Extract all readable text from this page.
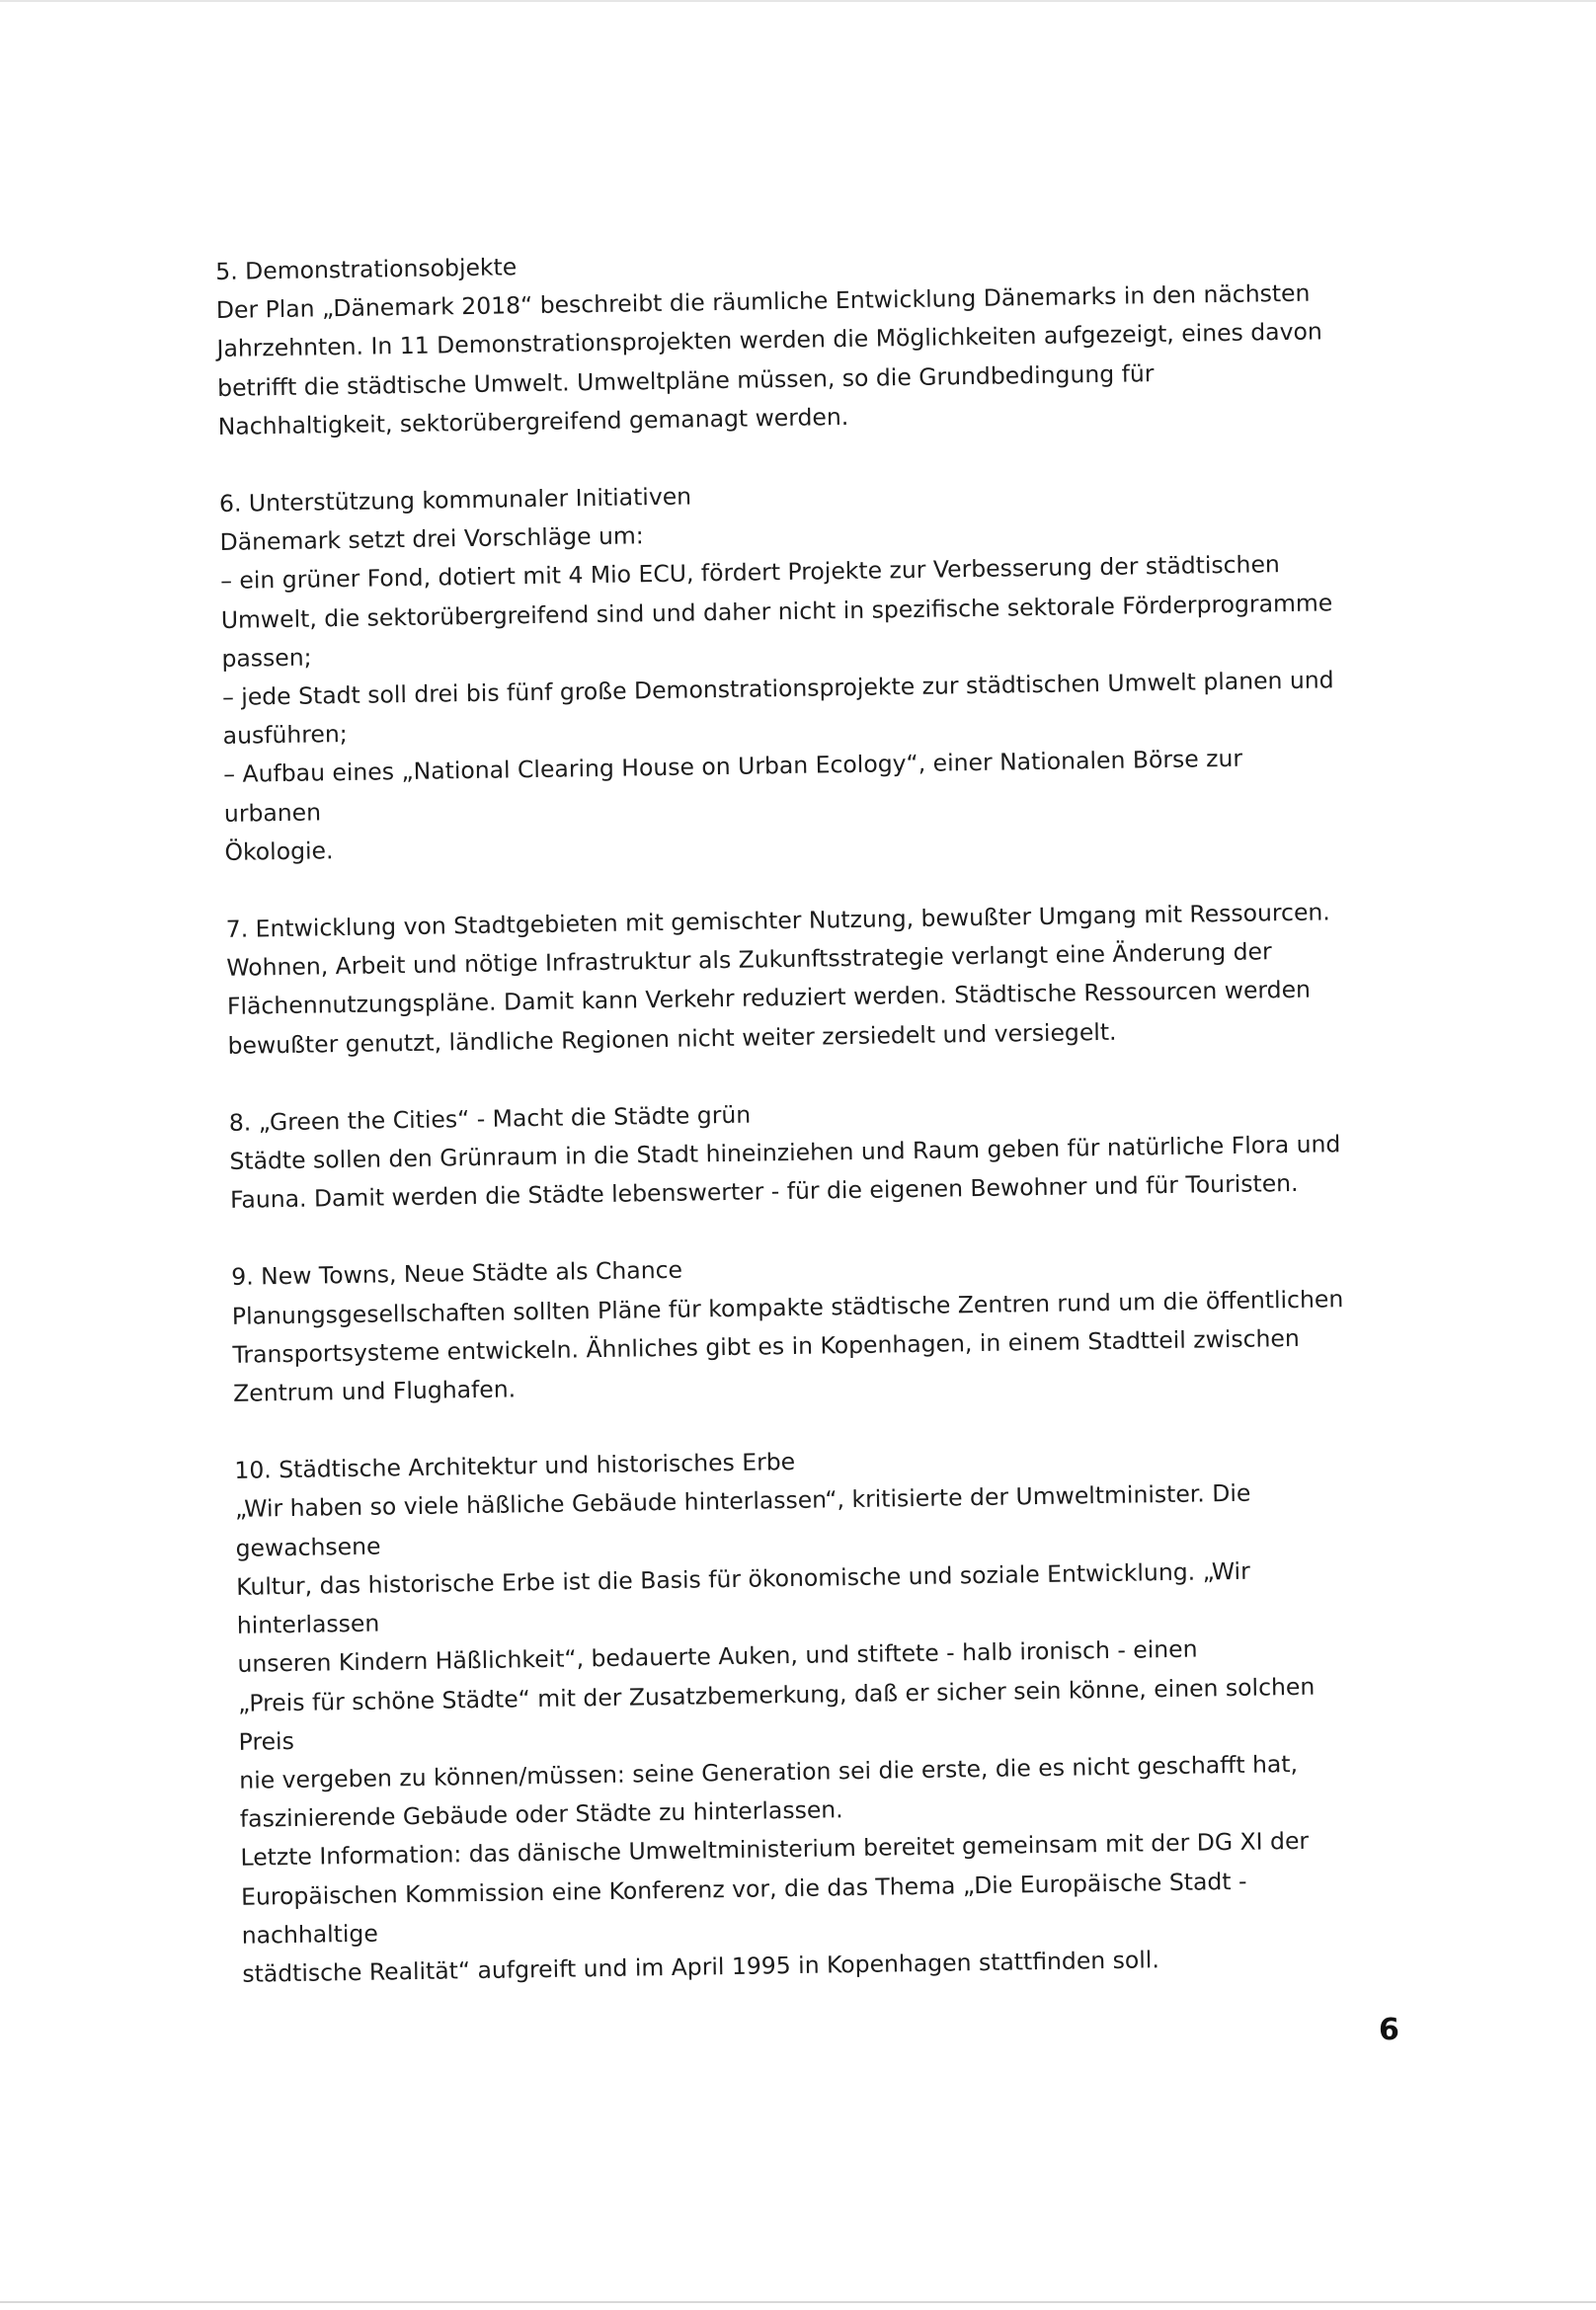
5. Demonstrationsobjekte

Der Plan „Dänemark 2018“ beschreibt die räumliche Entwicklung Dänemarks in den nächsten

Jahrzehnten. In 11 Demonstrationsprojekten werden die Möglichkeiten aufgezeigt, eines davon

betrifft die städtische Umwelt. Umweltpläne müssen, so die Grundbedingung für

Nachhaltigkeit, sektorübergreifend gemanagt werden.

6. Unterstützung kommunaler Initiativen

Dänemark setzt drei Vorschläge um:

– ein grüner Fond, dotiert mit 4 Mio ECU, fördert Projekte zur Verbesserung der städtischen

Umwelt, die sektorübergreifend sind und daher nicht in spezifische sektorale Förderprogramme

passen;

– jede Stadt soll drei bis fünf große Demonstrationsprojekte zur städtischen Umwelt planen und

ausführen;

– Aufbau eines „National Clearing House on Urban Ecology“, einer Nationalen Börse zur urbanen

Ökologie.

7. Entwicklung von Stadtgebieten mit gemischter Nutzung, bewußter Umgang mit Ressourcen.

Wohnen, Arbeit und nötige Infrastruktur als Zukunftsstrategie verlangt eine Änderung der

Flächennutzungspläne. Damit kann Verkehr reduziert werden. Städtische Ressourcen werden

bewußter genutzt, ländliche Regionen nicht weiter zersiedelt und versiegelt.

8. „Green the Cities“ - Macht die Städte grün

Städte sollen den Grünraum in die Stadt hineinziehen und Raum geben für natürliche Flora und

Fauna. Damit werden die Städte lebenswerter - für die eigenen Bewohner und für Touristen.

9. New Towns, Neue Städte als Chance

Planungsgesellschaften sollten Pläne für kompakte städtische Zentren rund um die öffentlichen

Transportsysteme entwickeln. Ähnliches gibt es in Kopenhagen, in einem Stadtteil zwischen

Zentrum und Flughafen.

10. Städtische Architektur und historisches Erbe

„Wir haben so viele häßliche Gebäude hinterlassen“, kritisierte der Umweltminister. Die gewachsene

Kultur, das historische Erbe ist die Basis für ökonomische und soziale Entwicklung. „Wir hinterlassen

unseren Kindern Häßlichkeit“, bedauerte Auken, und stiftete - halb ironisch - einen

„Preis für schöne Städte“ mit der Zusatzbemerkung, daß er sicher sein könne, einen solchen Preis

nie vergeben zu können/müssen: seine Generation sei die erste, die es nicht geschafft hat,

faszinierende Gebäude oder Städte zu hinterlassen.

Letzte Information: das dänische Umweltministerium bereitet gemeinsam mit der DG XI der

Europäischen Kommission eine Konferenz vor, die das Thema „Die Europäische Stadt - nachhaltige

städtische Realität“ aufgreift und im April 1995 in Kopenhagen stattfinden soll.

6
